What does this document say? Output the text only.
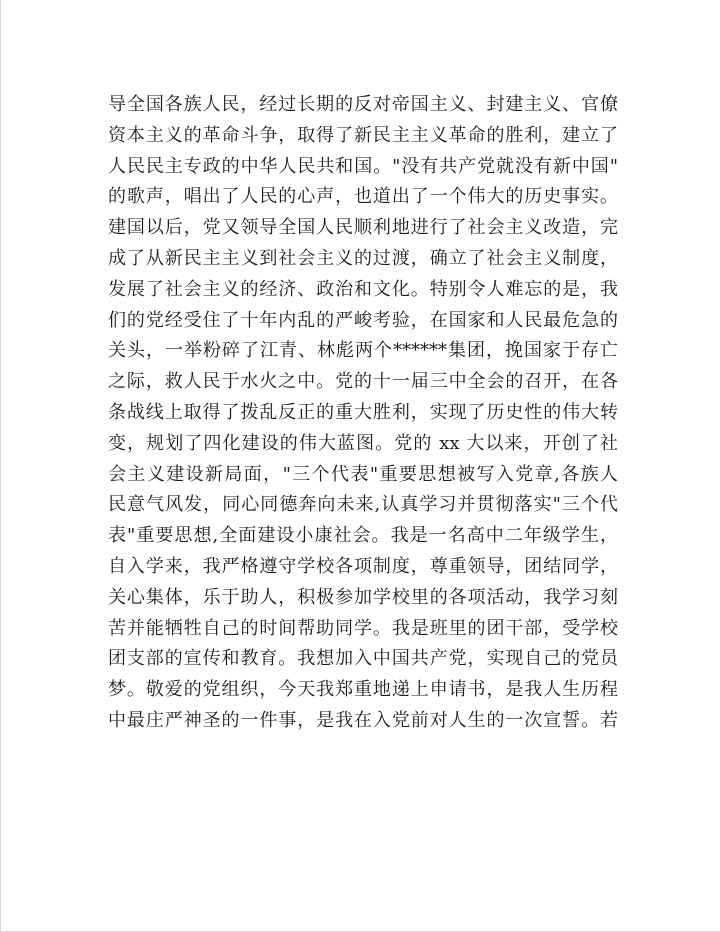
导全国各族人民，经过长期的反对帝国主义、封建主义、官僚
资本主义的革命斗争，取得了新民主主义革命的胜利，建立了
人民民主专政的中华人民共和国。"没有共产党就没有新中国"
的歌声，唱出了人民的心声，也道出了一个伟大的历史事实。
建国以后，党又领导全国人民顺利地进行了社会主义改造，完
成了从新民主主义到社会主义的过渡，确立了社会主义制度，
发展了社会主义的经济、政治和文化。特别令人难忘的是，我
们的党经受住了十年内乱的严峻考验，在国家和人民最危急的
关头，一举粉碎了江青、林彪两个******集团，挽国家于存亡
之际，救人民于水火之中。党的十一届三中全会的召开，在各
条战线上取得了拨乱反正的重大胜利，实现了历史性的伟大转
变，规划了四化建设的伟大蓝图。党的 xx 大以来，开创了社
会主义建设新局面，"三个代表"重要思想被写入党章,各族人
民意气风发，同心同德奔向未来,认真学习并贯彻落实"三个代
表"重要思想,全面建设小康社会。我是一名高中二年级学生，
自入学来，我严格遵守学校各项制度，尊重领导，团结同学，
关心集体，乐于助人，积极参加学校里的各项活动，我学习刻
苦并能牺牲自己的时间帮助同学。我是班里的团干部，受学校
团支部的宣传和教育。我想加入中国共产党，实现自己的党员
梦。敬爱的党组织，今天我郑重地递上申请书，是我人生历程
中最庄严神圣的一件事，是我在入党前对人生的一次宣誓。若
